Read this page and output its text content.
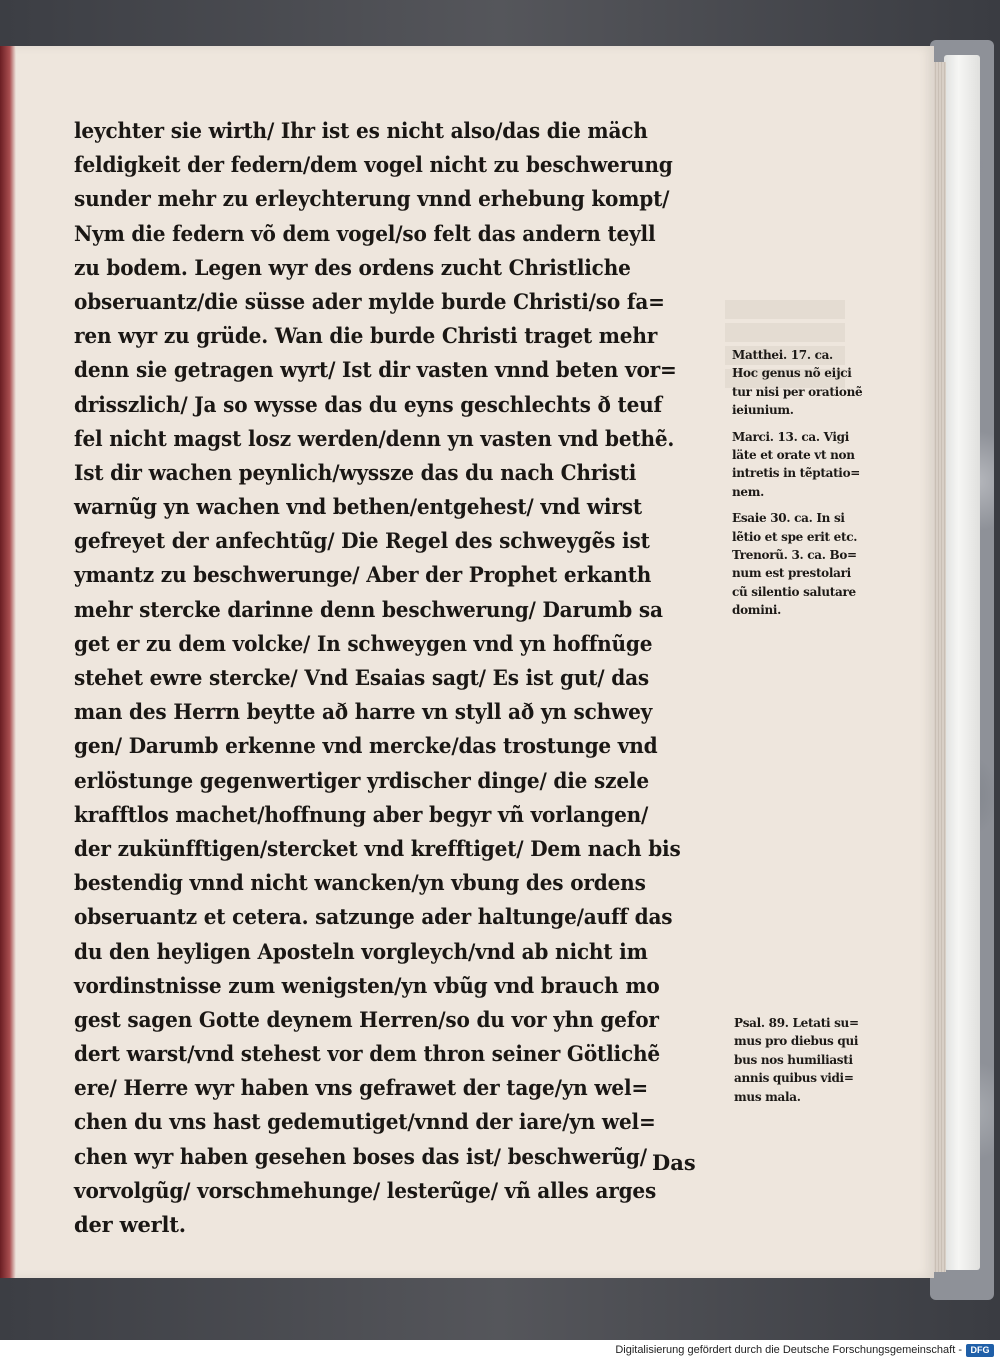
leychter sie wirth/ Ihr ist es nicht also/das die mäch
feldigkeit der federn/dem vogel nicht zu beschwerung
sunder mehr zu erleychterung vnnd erhebung kompt/
Nym die federn võ dem vogel/so felt das andern teyll
zu bodem. Legen wyr des ordens zucht Christliche
obseruantz/die süsse ader mylde burde Christi/so fa=
ren wyr zu grüde. Wan die burde Christi traget mehr
denn sie getragen wyrt/ Ist dir vasten vnnd beten vor=
drisszlich/ Ja so wysse das du eyns geschlechts ð teuf
fel nicht magst losz werden/denn yn vasten vnd bethẽ.
Ist dir wachen peynlich/wyssze das du nach Christi
warnũg yn wachen vnd bethen/entgehest/ vnd wirst
gefreyet der anfechtũg/ Die Regel des schweygẽs ist
ymantz zu beschwerunge/ Aber der Prophet erkanth
mehr stercke darinne denn beschwerung/ Darumb sa
get er zu dem volcke/ In schweygen vnd yn hoffnũge
stehet ewre stercke/ Vnd Esaias sagt/ Es ist gut/ das
man des Herrn beytte að harre vn styll að yn schwey
gen/ Darumb erkenne vnd mercke/das trostunge vnd
erlöstunge gegenwertiger yrdischer dinge/ die szele
krafftlos machet/hoffnung aber begyr vñ vorlangen/
der zukünfftigen/stercket vnd krefftiget/ Dem nach bis
bestendig vnnd nicht wancken/yn vbung des ordens
obseruantz et cetera. satzunge ader haltunge/auff das
du den heyligen Aposteln vorgleych/vnd ab nicht im
vordinstnisse zum wenigsten/yn vbũg vnd brauch mo
gest sagen Gotte deynem Herren/so du vor yhn gefor
dert warst/vnd stehest vor dem thron seiner Götlichẽ
ere/ Herre wyr haben vns gefrawet der tage/yn wel=
chen du vns hast gedemutiget/vnnd der iare/yn wel=
chen wyr haben gesehen boses das ist/ beschwerũg/
vorvolgũg/ vorschmehunge/ lesterũge/ vñ alles arges
der werlt.
Das
Matthei. 17. ca.
Hoc genus nõ eĳci
tur nisi per orationẽ
ieiunium.
Marci. 13. ca. Vigi
läte et orate vt non
intretis in tẽptatio=
nem.
Esaie 30. ca. In si
lẽtio et spe erit etc.
Trenorũ. 3. ca. Bo=
num est prestolari
cũ silentio salutare
domini.
Psal. 89. Letati su=
mus pro diebus qui
bus nos humiliasti
annis quibus vidi=
mus mala.
Digitalisierung gefördert durch die Deutsche Forschungsgemeinschaft - DFG
